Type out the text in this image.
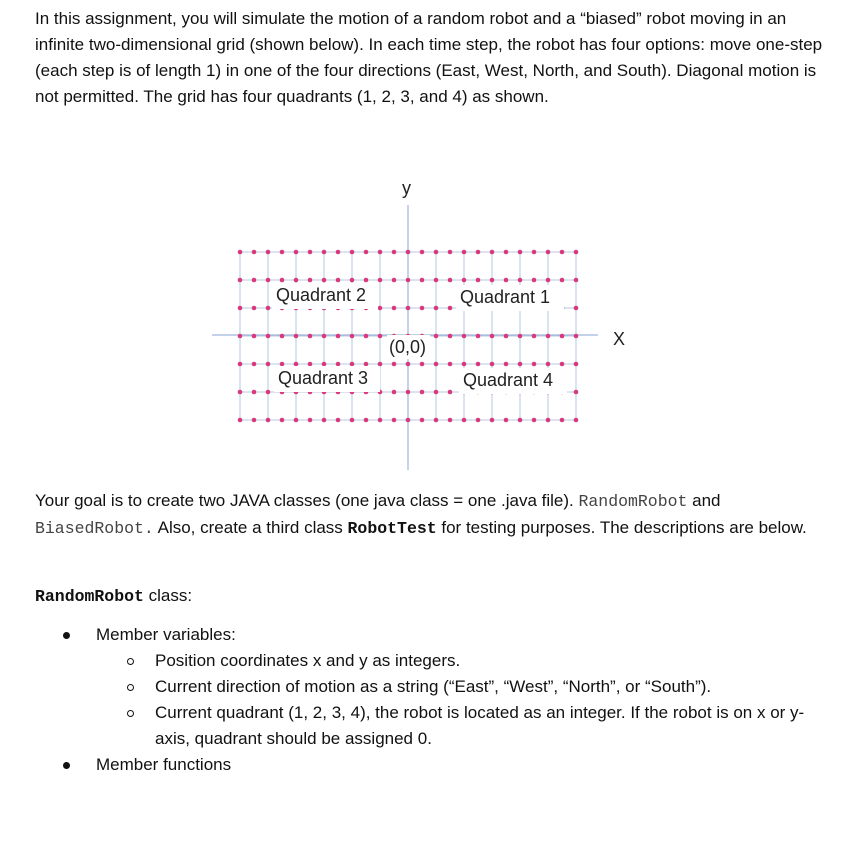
In this assignment, you will simulate the motion of a random robot and a “biased” robot moving in an infinite two-dimensional grid (shown below). In each time step, the robot has four options: move one-step (each step is of length 1) in one of the four directions (East, West, North, and South). Diagonal motion is not permitted. The grid has four quadrants (1, 2, 3, and 4) as shown.
y
X
(0,0)
Quadrant 1
Quadrant 2
Quadrant 3	Quadrant 4
Your goal is to create two JAVA classes (one java class = one .java file). RandomRobot and
BiasedRobot. Also, create a third class RobotTest for testing purposes. The descriptions are below.
RandomRobot class:
Member variables:
Position coordinates x and y as integers.
Current direction of motion as a string (“East”, “West”, “North”, or “South”).
Current quadrant (1, 2, 3, 4), the robot is located as an integer. If the robot is on x or y-axis, quadrant should be assigned 0.
Member functions
